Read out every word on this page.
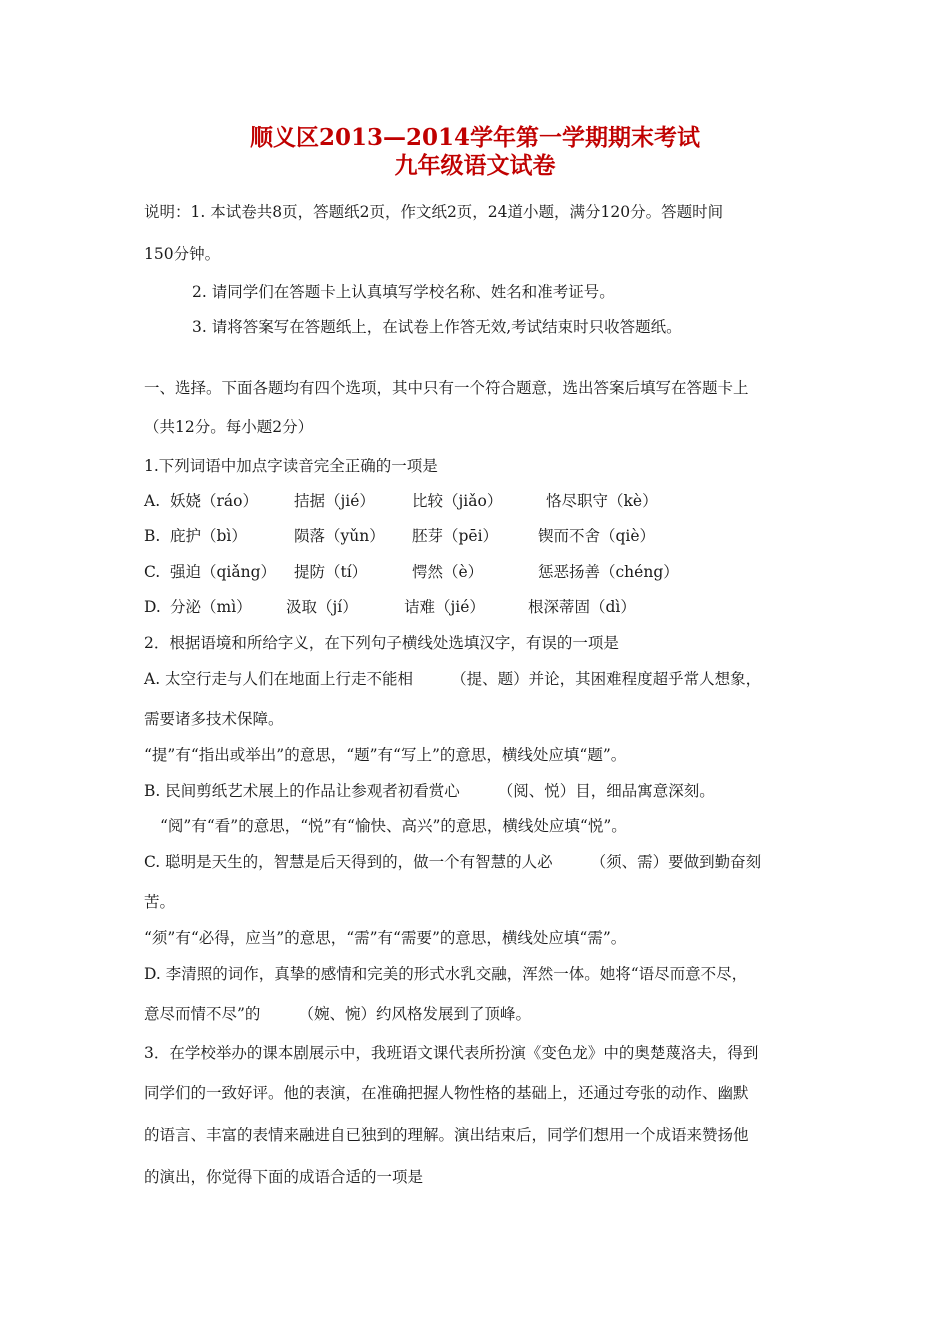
顺义区2013—2014学年第一学期期末考试
九年级语文试卷
说明：1. 本试卷共8页，答题纸2页，作文纸2页，24道小题，满分120分。答题时间
150分钟。
2. 请同学们在答题卡上认真填写学校名称、姓名和准考证号。
3. 请将答案写在答题纸上，在试卷上作答无效,考试结束时只收答题纸。
一、选择。下面各题均有四个选项，其中只有一个符合题意，选出答案后填写在答题卡上
（共12分。每小题2分）
1.下列词语中加点字读音完全正确的一项是
A. 妖娆（ráo） 拮据（jié） 比较（jiǎo）	恪尽职守（kè）
B. 庇护（bì）	陨落（yǔn） 胚芽（pēi）	锲而不舍（qiè）
C. 强迫（qiǎng） 提防（tí）	愕然（è）	惩恶扬善（chéng）
D. 分泌（mì） 汲取（jí）	诘难（jié）	根深蒂固（dì）
2．根据语境和所给字义，在下列句子横线处选填汉字，有误的一项是
A. 太空行走与人们在地面上行走不能相 （提、题）并论，其困难程度超乎常人想象，
需要诸多技术保障。
“提”有“指出或举出”的意思，“题”有“写上”的意思，横线处应填“题”。
B. 民间剪纸艺术展上的作品让参观者初看赏心 （阅、悦）目，细品寓意深刻。
“阅”有“看”的意思，“悦”有“愉快、高兴”的意思，横线处应填“悦”。
C. 聪明是天生的，智慧是后天得到的，做一个有智慧的人必 （须、需）要做到勤奋刻
苦。
“须”有“必得，应当”的意思，“需”有“需要”的意思，横线处应填“需”。
D. 李清照的词作，真挚的感情和完美的形式水乳交融，浑然一体。她将“语尽而意不尽，
意尽而情不尽”的 （婉、惋）约风格发展到了顶峰。
3．在学校举办的课本剧展示中，我班语文课代表所扮演《变色龙》中的奥楚蔑洛夫，得到
同学们的一致好评。他的表演，在准确把握人物性格的基础上，还通过夸张的动作、幽默
的语言、丰富的表情来融进自已独到的理解。演出结束后，同学们想用一个成语来赞扬他
的演出，你觉得下面的成语合适的一项是
